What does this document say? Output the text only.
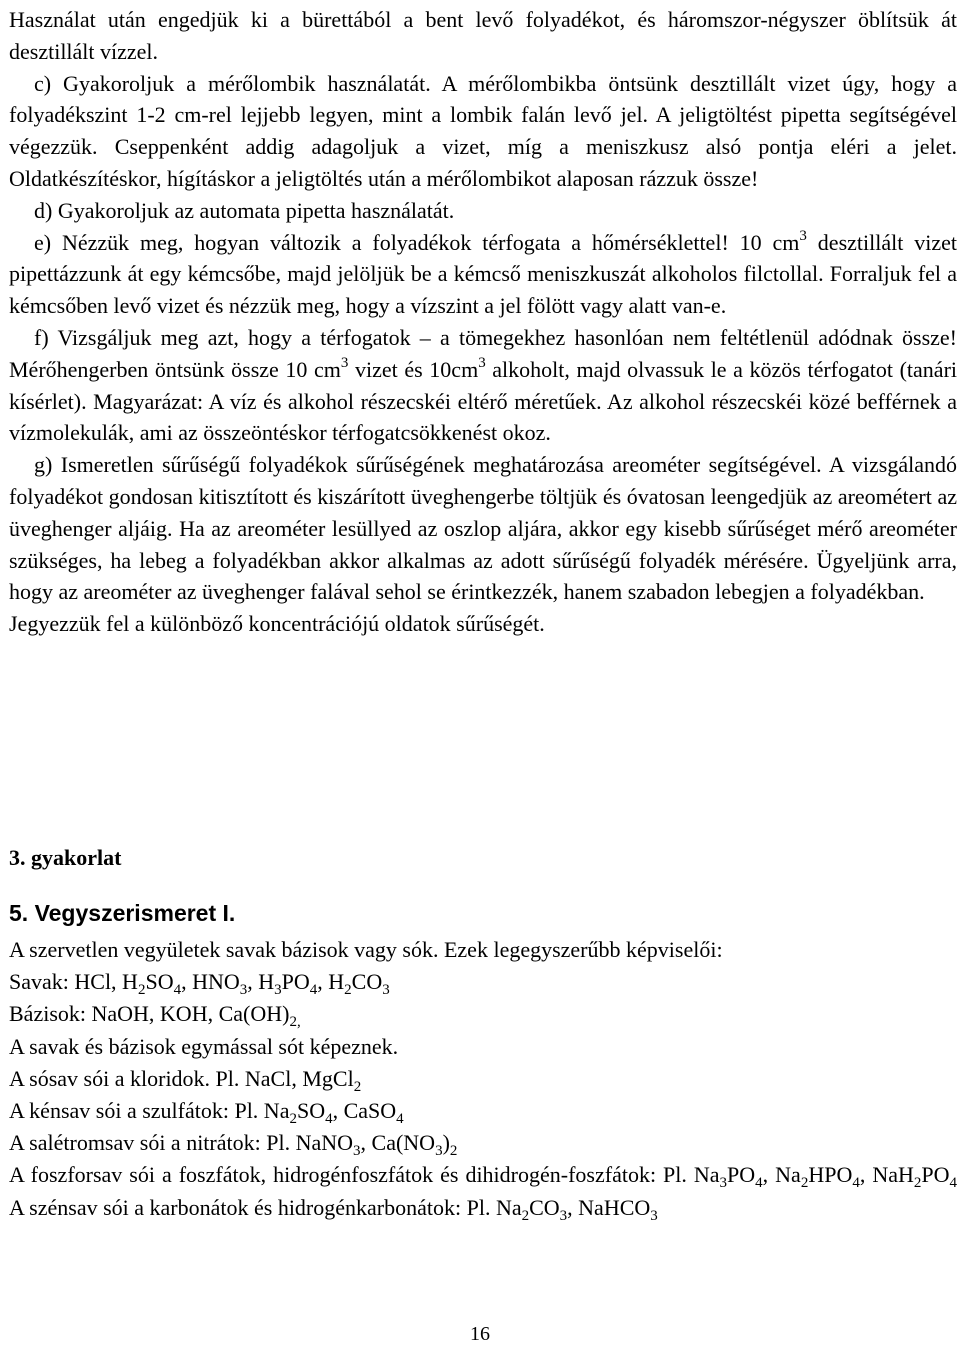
Használat után engedjük ki a bürettából a bent levő folyadékot, és háromszor-négyszer öblítsük át desztillált vízzel.

c) Gyakoroljuk a mérőlombik használatát. A mérőlombikba öntsünk desztillált vizet úgy, hogy a folyadékszint 1-2 cm-rel lejjebb legyen, mint a lombik falán levő jel. A jeligtöltést pipetta segítségével végezzük. Cseppenként addig adagoljuk a vizet, míg a meniszkusz alsó pontja eléri a jelet. Oldatkészítéskor, hígításkor a jeligtöltés után a mérőlombikot alaposan rázzuk össze!

d) Gyakoroljuk az automata pipetta használatát.

e) Nézzük meg, hogyan változik a folyadékok térfogata a hőmérséklettel! 10 $cm^3$ desztillált vizet pipettázzunk át egy kémcsőbe, majd jelöljük be a kémcső meniszkuszát alkoholos filctollal. Forraljuk fel a kémcsőben levő vizet és nézzük meg, hogy a vízszint a jel fölött vagy alatt van-e.

f) Vizsgáljuk meg azt, hogy a térfogatok – a tömegekhez hasonlóan nem feltétlenül adódnak össze! Mérőhengerben öntsünk össze 10 $cm^3$ vizet és $10cm^3$ alkoholt, majd olvassuk le a közös térfogatot (tanári kísérlet). Magyarázat: A víz és alkohol részecskéi eltérő méretűek. Az alkohol részecskéi közé befférnek a vízmolekulák, ami az összeöntéskor térfogatcsökkenést okoz.

g) Ismeretlen sűrűségű folyadékok sűrűségének meghatározása areométer segítségével. A vizsgálandó folyadékot gondosan kitisztított és kiszárított üveghengerbe töltjük és óvatosan leengedjük az areométert az üveghenger aljáig. Ha az areométer lesüllyed az oszlop aljára, akkor egy kisebb sűrűséget mérő areométer szükséges, ha lebeg a folyadékban akkor alkalmas az adott sűrűségű folyadék mérésére. Ügyeljünk arra, hogy az areométer az üveghenger falával sehol se érintkezzék, hanem szabadon lebegjen a folyadékban.

Jegyezzük fel a különböző koncentrációjú oldatok sűrűségét.

3. gyakorlat
5. Vegyszerismeret I.

A szervetlen vegyületek savak bázisok vagy sók. Ezek legegyszerűbb képviselői:

Savak: HCl, $H_2SO_4$, $HNO_3$, $H_3PO_4$, $H_2CO_3$

Bázisok: NaOH, KOH, $Ca(OH)_{2,}$

A savak és bázisok egymással sót képeznek.

A sósav sói a kloridok. Pl. NaCl, MgCl$_2$

A kénsav sói a szulfátok: Pl. $Na_2SO_4$, CaSO$_4$

A salétromsav sói a nitrátok: Pl. NaNO$_3$, $Ca(NO_3)_2$

A foszforsav sói a foszfátok, hidrogénfoszfátok és dihidrogén-foszfátok: Pl. $Na_3PO_4$, $Na_2HPO_4$, $NaH_2PO_4$

A szénsav sói a karbonátok és hidrogénkarbonátok: Pl. $Na_2CO_3$, NaHCO$_3$

16
